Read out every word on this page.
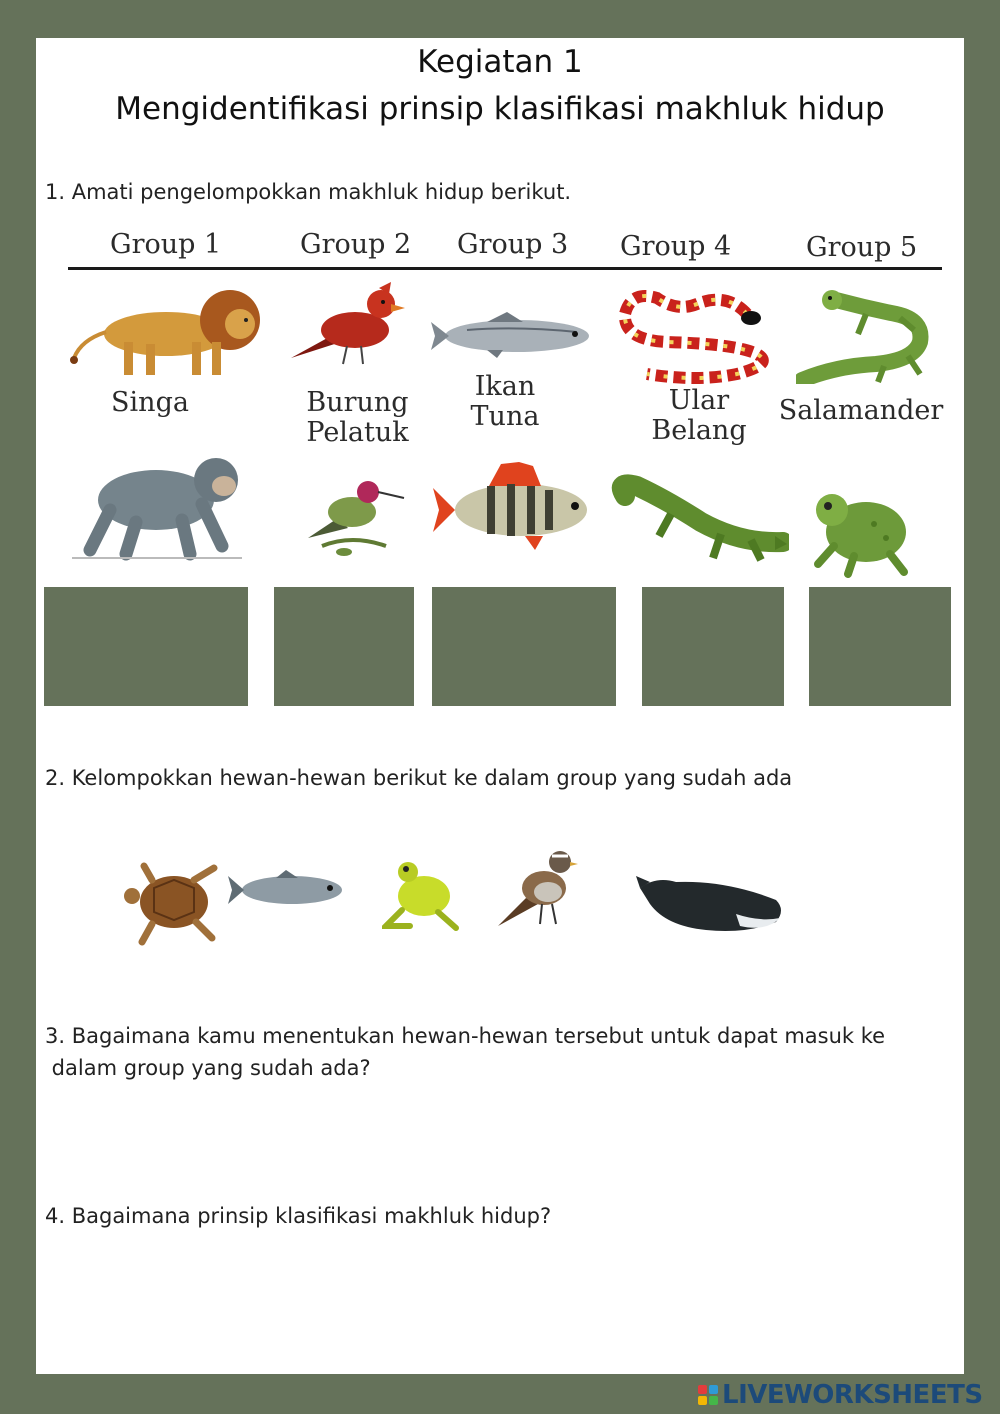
Kegiatan 1
Mengidentifikasi prinsip klasifikasi makhluk hidup
1. Amati pengelompokkan makhluk hidup berikut.
Group 1	Group 2 Group 3 Group 4	Group 5
Singa	Burung
Pelatuk
Ikan
Tuna
Ular
Belang
Salamander
2. Kelompokkan hewan-hewan berikut ke dalam group yang sudah ada
3. Bagaimana kamu menentukan hewan-hewan tersebut untuk dapat masuk ke
dalam group yang sudah ada?
4. Bagaimana prinsip klasifikasi makhluk hidup?
LIVEWORKSHEETS
